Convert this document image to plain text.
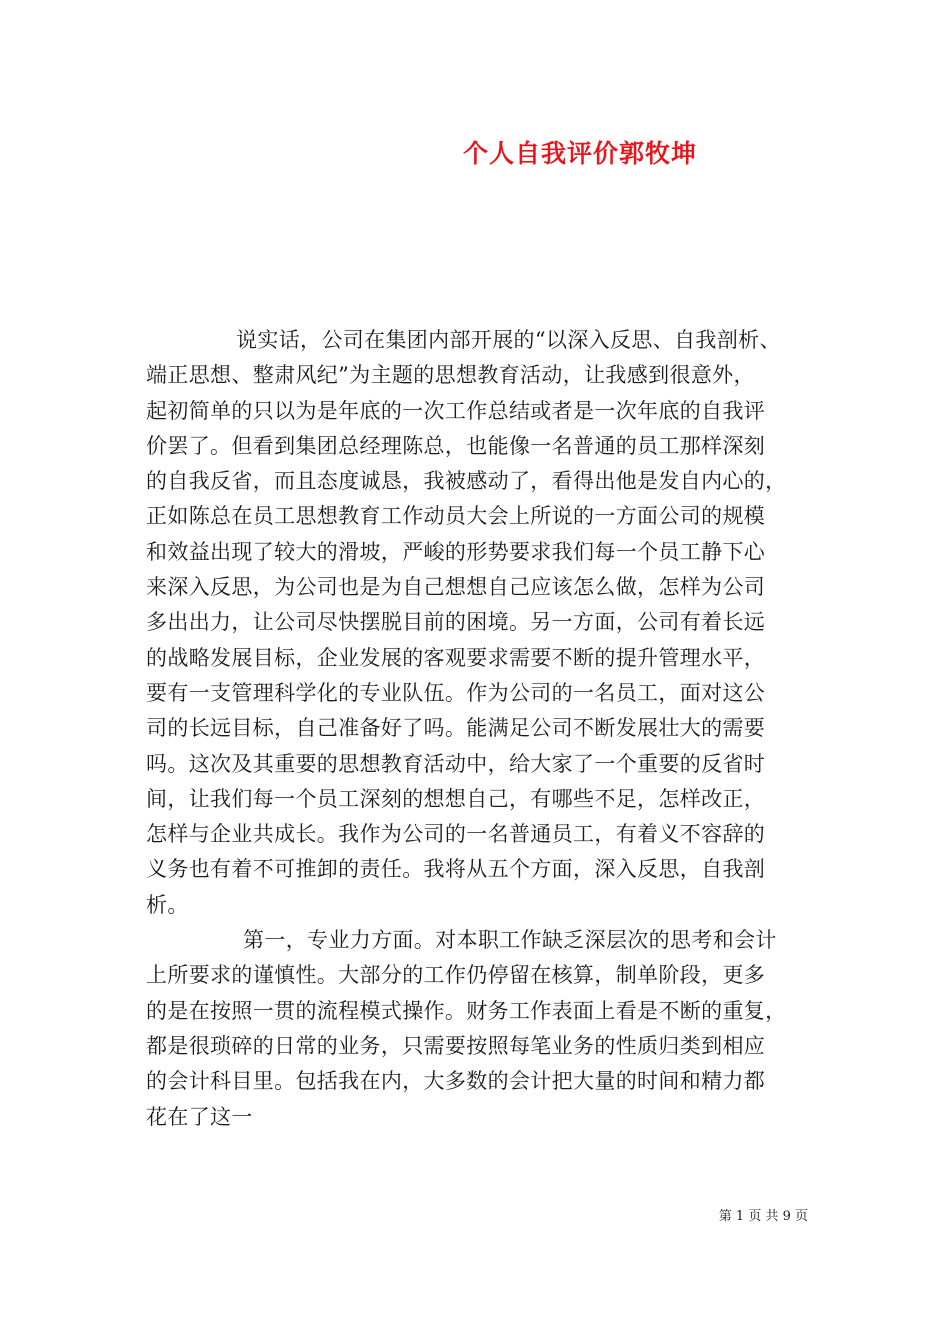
个人自我评价郭牧坤
说实话，公司在集团内部开展的“以深入反思、自我剖析、
端正思想、整肃风纪”为主题的思想教育活动，让我感到很意外，
起初简单的只以为是年底的一次工作总结或者是一次年底的自我评
价罢了。但看到集团总经理陈总，也能像一名普通的员工那样深刻
的自我反省，而且态度诚恳，我被感动了，看得出他是发自内心的，
正如陈总在员工思想教育工作动员大会上所说的一方面公司的规模
和效益出现了较大的滑坡，严峻的形势要求我们每一个员工静下心
来深入反思，为公司也是为自己想想自己应该怎么做，怎样为公司
多出出力，让公司尽快摆脱目前的困境。另一方面，公司有着长远
的战略发展目标，企业发展的客观要求需要不断的提升管理水平，
要有一支管理科学化的专业队伍。作为公司的一名员工，面对这公
司的长远目标，自己准备好了吗。能满足公司不断发展壮大的需要
吗。这次及其重要的思想教育活动中，给大家了一个重要的反省时
间，让我们每一个员工深刻的想想自己，有哪些不足，怎样改正，
怎样与企业共成长。我作为公司的一名普通员工，有着义不容辞的
义务也有着不可推卸的责任。我将从五个方面，深入反思，自我剖
析。
第一，专业力方面。对本职工作缺乏深层次的思考和会计
上所要求的谨慎性。大部分的工作仍停留在核算，制单阶段，更多
的是在按照一贯的流程模式操作。财务工作表面上看是不断的重复，
都是很琐碎的日常的业务，只需要按照每笔业务的性质归类到相应
的会计科目里。包括我在内，大多数的会计把大量的时间和精力都
花在了这一
第 1 页 共 9 页
